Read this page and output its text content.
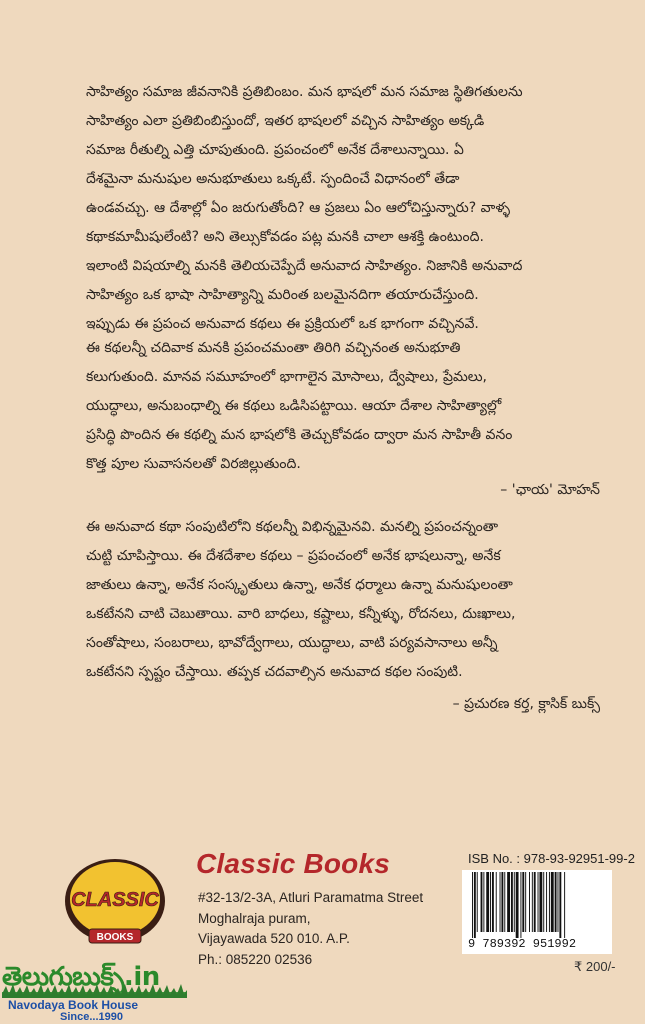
సాహిత్యం సమాజ జీవనానికి ప్రతిబింబం. మన భాషలో మన సమాజ స్థితిగతులను
సాహిత్యం ఎలా ప్రతిబింబిస్తుందో, ఇతర భాషలలో వచ్చిన సాహిత్యం అక్కడి
సమాజ రీతుల్ని ఎత్తి చూపుతుంది. ప్రపంచంలో అనేక దేశాలున్నాయి. ఏ
దేశమైనా మనుషుల అనుభూతులు ఒక్కటే. స్పందించే విధానంలో తేడా
ఉండవచ్చు. ఆ దేశాల్లో ఏం జరుగుతోంది? ఆ ప్రజలు ఏం ఆలోచిస్తున్నారు? వాళ్ళ
కథాకమామీషులేంటి? అని తెల్సుకోవడం పట్ల మనకి చాలా ఆశక్తి ఉంటుంది.
ఇలాంటి విషయాల్ని మనకి తెలియచెప్పేదే అనువాద సాహిత్యం. నిజానికి అనువాద
సాహిత్యం ఒక భాషా సాహిత్యాన్ని మరింత బలమైనదిగా తయారుచేస్తుంది.
ఇప్పుడు ఈ ప్రపంచ అనువాద కథలు ఈ ప్రక్రియలో ఒక భాగంగా వచ్చినవే.

ఈ కథలన్నీ చదివాక మనకి ప్రపంచమంతా తిరిగి వచ్చినంత అనుభూతి
కలుగుతుంది. మానవ సమూహంలో భాగాలైన మోసాలు, ద్వేషాలు, ప్రేమలు,
యుద్ధాలు, అనుబంధాల్ని ఈ కథలు ఒడిసిపట్టాయి. ఆయా దేశాల సాహిత్యాల్లో
ప్రసిద్ధి పొందిన ఈ కథల్ని మన భాషలోకి తెచ్చుకోవడం ద్వారా మన సాహితీ వనం
కొత్త పూల సువాసనలతో విరజిల్లుతుంది.

– 'ఛాయ' మోహన్

ఈ అనువాద కథా సంపుటిలోని కథలన్నీ విభిన్నమైనవి. మనల్ని ప్రపంచన్నంతా
చుట్టి చూపిస్తాయి. ఈ దేశదేశాల కథలు – ప్రపంచంలో అనేక భాషలున్నా, అనేక
జాతులు ఉన్నా, అనేక సంస్కృతులు ఉన్నా, అనేక ధర్మాలు ఉన్నా మనుషులంతా
ఒకటేనని చాటి చెబుతాయి. వారి బాధలు, కష్టాలు, కన్నీళ్ళు, రోదనలు, దుఃఖాలు,
సంతోషాలు, సంబరాలు, భావోద్వేగాలు, యుద్ధాలు, వాటి పర్యవసానాలు అన్నీ
ఒకటేనని స్పష్టం చేస్తాయి. తప్పక చదవాల్సిన అనువాద కథల సంపుటి.

– ప్రచురణ కర్త, క్లాసిక్ బుక్స్
CLASSIC
BOOKS
Classic Books
#32-13/2-3A, Atluri Paramatma Street
Moghalraja puram,
Vijayawada 520 010. A.P.
Ph.: 085220 02536
ISB No. : 978-93-92951-99-2
9 789392 951992
₹ 200/-
తెలుగుబుక్స్.in
Navodaya Book House
Since...1990
